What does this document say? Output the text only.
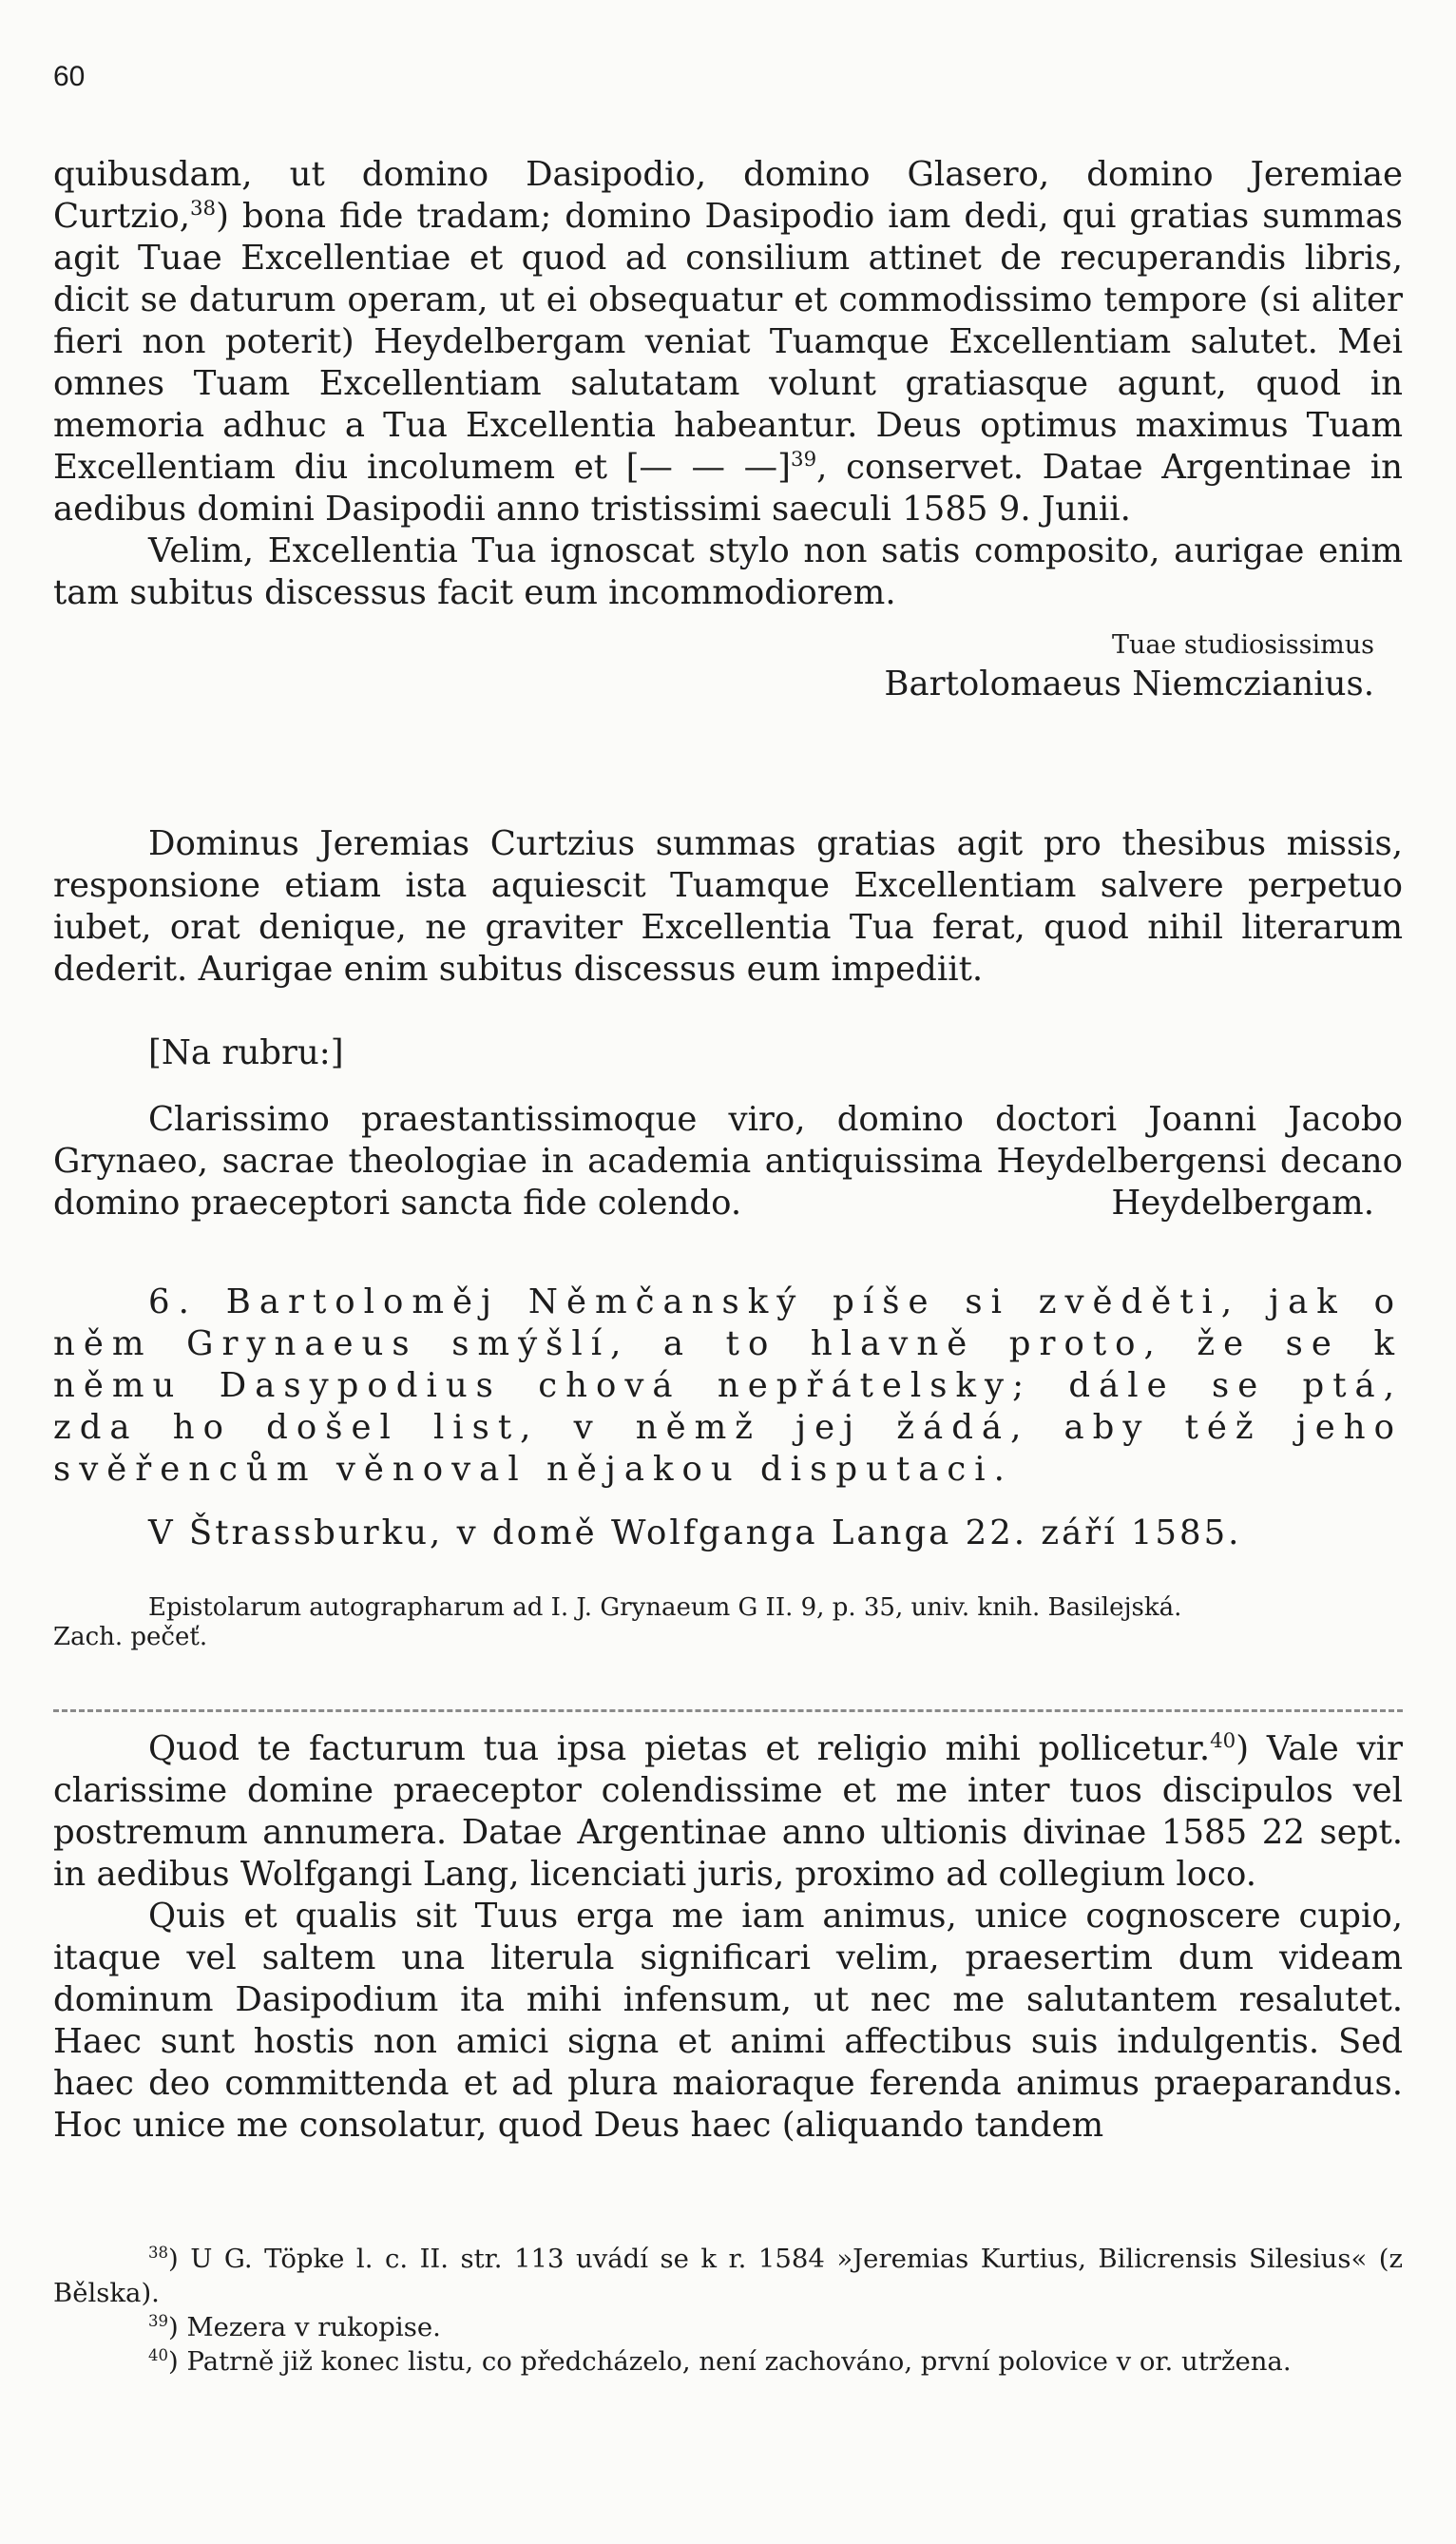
60

quibusdam, ut domino Dasipodio, domino Glasero, domino Jeremiae Curtzio,$^{38}$) bona fide tradam; domino Dasipodio iam dedi, qui gratias summas agit Tuae Excellentiae et quod ad consilium attinet de recuperandis libris, dicit se daturum operam, ut ei obsequatur et commodissimo tempore (si aliter fieri non poterit) Heydelbergam veniat Tuamque Excellentiam salutet. Mei omnes Tuam Excellentiam salutatam volunt gratiasque agunt, quod in memoria adhuc a Tua Excellentia habeantur. Deus optimus maximus Tuam Excellentiam diu incolumem et [— — —]$^{39}$, conservet. Datae Argentinae in aedibus domini Dasipodii anno tristissimi saeculi 1585 9. Junii.

Velim, Excellentia Tua ignoscat stylo non satis composito, aurigae enim tam subitus discessus facit eum incommodiorem.

Tuae studiosissimus

Bartolomaeus Niemczianius.

Dominus Jeremias Curtzius summas gratias agit pro thesibus missis, responsione etiam ista aquiescit Tuamque Excellentiam salvere perpetuo iubet, orat denique, ne graviter Excellentia Tua ferat, quod nihil literarum dederit. Aurigae enim subitus discessus eum impediit.

[Na rubru:]

Clarissimo praestantissimoque viro, domino doctori Joanni Jacobo Grynaeo, sacrae theologiae in academia antiquissima Heydelbergensi decano domino praeceptori sancta fide colendo.	Heydelbergam.

6. Bartoloměj Němčanský píše si zvěděti, jak o něm Grynaeus smýšlí, a to hlavně proto, že se k němu Dasypodius chová nepřátelsky; dále se ptá, zda ho došel list, v němž jej žádá, aby též jeho svěřencům věnoval nějakou disputaci.

V Štrassburku, v domě Wolfganga Langa 22. září 1585.

Epistolarum autographarum ad I. J. Grynaeum G II. 9, p. 35, univ. knih. Basilejská.

Zach. pečeť.

Quod te facturum tua ipsa pietas et religio mihi pollicetur.$^{40}$) Vale vir clarissime domine praeceptor colendissime et me inter tuos discipulos vel postremum annumera. Datae Argentinae anno ultionis divinae 1585 22 sept. in aedibus Wolfgangi Lang, licenciati juris, proximo ad collegium loco.

Quis et qualis sit Tuus erga me iam animus, unice cognoscere cupio, itaque vel saltem una literula significari velim, praesertim dum videam dominum Dasipodium ita mihi infensum, ut nec me salutantem resalutet. Haec sunt hostis non amici signa et animi affectibus suis indulgentis. Sed haec deo committenda et ad plura maioraque ferenda animus praeparandus. Hoc unice me consolatur, quod Deus haec (aliquando tandem

$^{38}$) U G. Töpke l. c. II. str. 113 uvádí se k r. 1584 »Jeremias Kurtius, Bilicrensis Silesius« (z Bělska).

$^{39}$) Mezera v rukopise.

$^{40}$) Patrně již konec listu, co předcházelo, není zachováno, první polovice v or. utržena.
